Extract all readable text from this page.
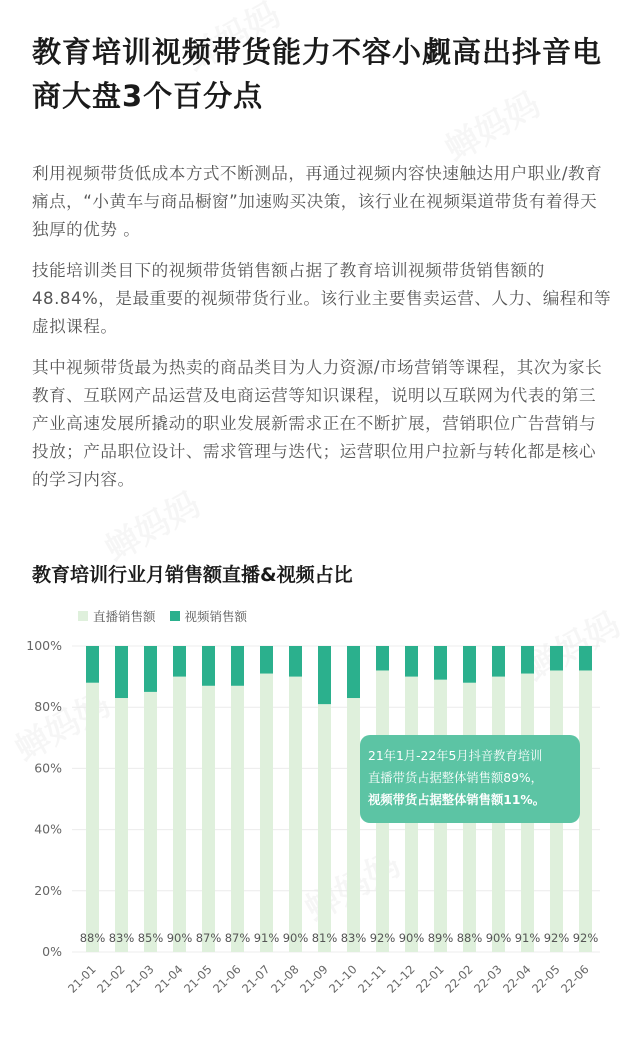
教育培训视频带货能力不容小觑高出抖音电商大盘3个百分点

利用视频带货低成本方式不断测品，再通过视频内容快速触达用户职业/教育痛点，“小黄车与商品橱窗”加速购买决策，该行业在视频渠道带货有着得天独厚的优势 。

技能培训类目下的视频带货销售额占据了教育培训视频带货销售额的48.84%，是最重要的视频带货行业。该行业主要售卖运营、人力、编程和等虚拟课程。

其中视频带货最为热卖的商品类目为人力资源/市场营销等课程，其次为家长教育、互联网产品运营及电商运营等知识课程，说明以互联网为代表的第三产业高速发展所撬动的职业发展新需求正在不断扩展，营销职位广告营销与投放；产品职位设计、需求管理与迭代；运营职位用户拉新与转化都是核心的学习内容。

教育培训行业月销售额直播&视频占比
直播销售额 视频销售额
0%
20%
40%
60%
80%
100%
88%
21-01
83%
21-02
85%
21-03
90%
21-04
87%
21-05
87%
21-06
91%
21-07
90%
21-08
81%
21-09
83%
21-10
92%
21-11
90%
21-12
89%
22-01
88%
22-02
90%
22-03
91%
22-04
92%
22-05
92%
22-06
21年1月-22年5月抖音教育培训
直播带货占据整体销售额89%，
视频带货占据整体销售额11%。
